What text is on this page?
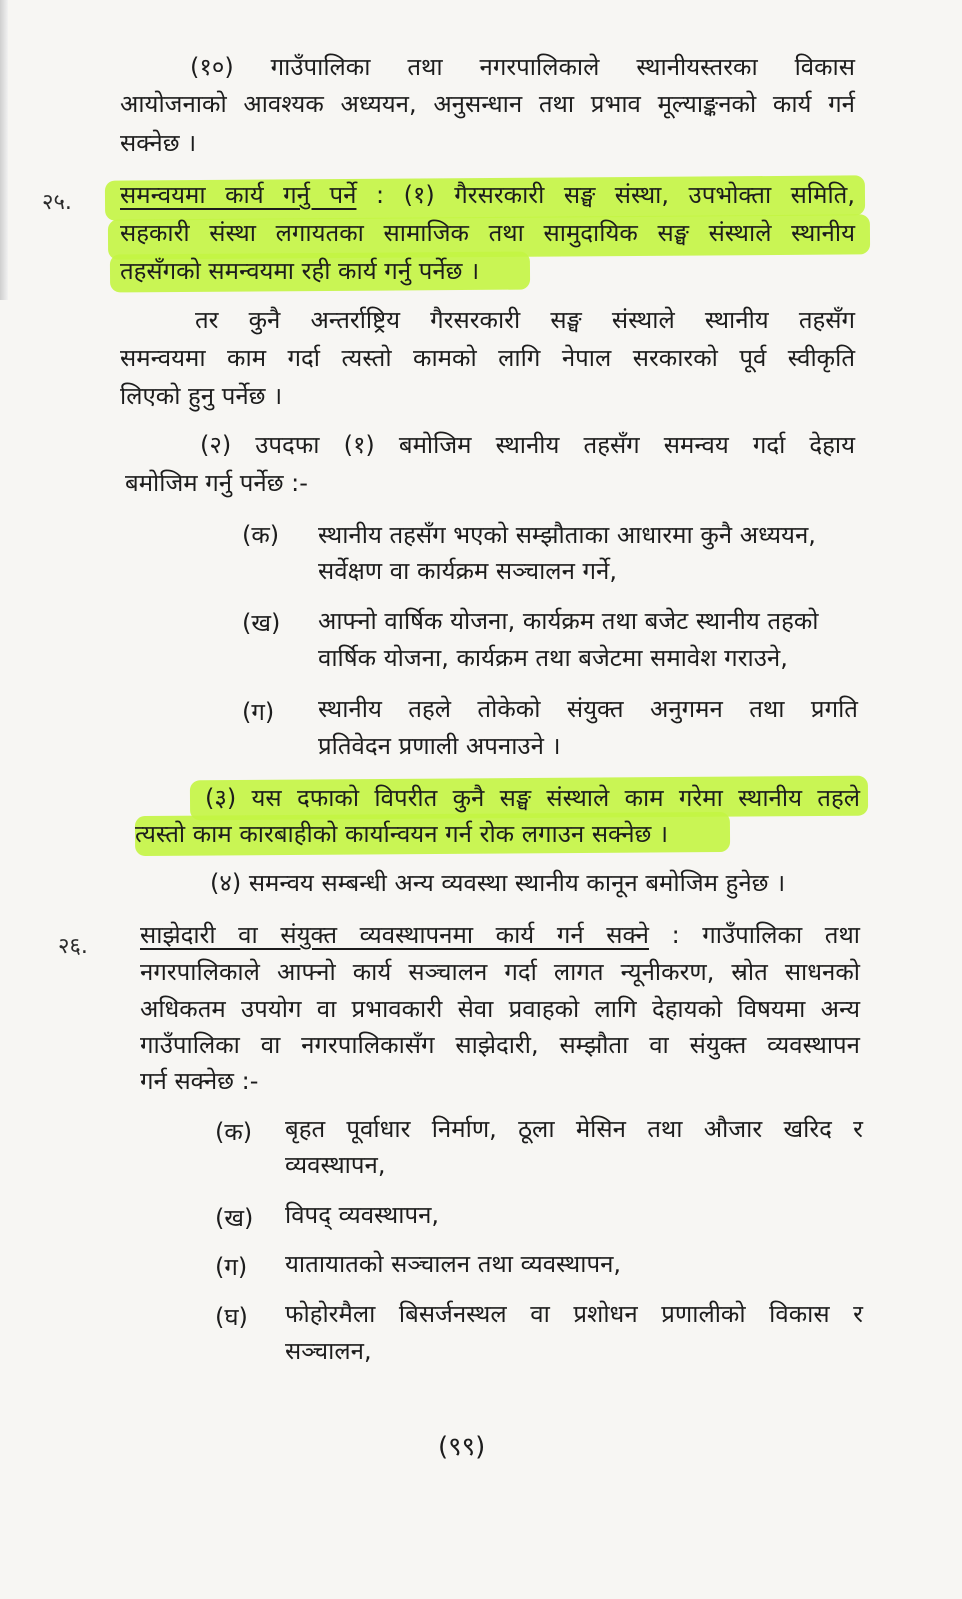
(१०) गाउँपालिका तथा नगरपालिकाले स्थानीयस्तरका विकास
आयोजनाको आवश्यक अध्ययन, अनुसन्धान तथा प्रभाव मूल्याङ्कनको कार्य गर्न
सक्नेछ ।
२५. समन्वयमा कार्य गर्नु पर्ने : (१) गैरसरकारी सङ्घ संस्था, उपभोक्ता समिति,
सहकारी संस्था लगायतका सामाजिक तथा सामुदायिक सङ्घ संस्थाले स्थानीय
तहसँगको समन्वयमा रही कार्य गर्नु पर्नेछ ।
तर कुनै अन्तर्राष्ट्रिय गैरसरकारी सङ्घ संस्थाले स्थानीय तहसँग
समन्वयमा काम गर्दा त्यस्तो कामको लागि नेपाल सरकारको पूर्व स्वीकृति
लिएको हुनु पर्नेछ ।
(२) उपदफा (१) बमोजिम स्थानीय तहसँग समन्वय गर्दा देहाय
बमोजिम गर्नु पर्नेछ :-
(क) स्थानीय तहसँग भएको सम्झौताका आधारमा कुनै अध्ययन,
सर्वेक्षण वा कार्यक्रम सञ्चालन गर्ने,
(ख) आफ्नो वार्षिक योजना, कार्यक्रम तथा बजेट स्थानीय तहको
वार्षिक योजना, कार्यक्रम तथा बजेटमा समावेश गराउने,
(ग) स्थानीय तहले तोकेको संयुक्त अनुगमन तथा प्रगति
प्रतिवेदन प्रणाली अपनाउने ।
(३) यस दफाको विपरीत कुनै सङ्घ संस्थाले काम गरेमा स्थानीय तहले
त्यस्तो काम कारबाहीको कार्यान्वयन गर्न रोक लगाउन सक्नेछ ।
(४) समन्वय सम्बन्धी अन्य व्यवस्था स्थानीय कानून बमोजिम हुनेछ ।
२६. साझेदारी वा संयुक्त व्यवस्थापनमा कार्य गर्न सक्ने : गाउँपालिका तथा
नगरपालिकाले आफ्नो कार्य सञ्चालन गर्दा लागत न्यूनीकरण, स्रोत साधनको
अधिकतम उपयोग वा प्रभावकारी सेवा प्रवाहको लागि देहायको विषयमा अन्य
गाउँपालिका वा नगरपालिकासँग साझेदारी, सम्झौता वा संयुक्त व्यवस्थापन
गर्न सक्नेछ :-
(क) बृहत पूर्वाधार निर्माण, ठूला मेसिन तथा औजार खरिद र
व्यवस्थापन,
(ख) विपद् व्यवस्थापन,
(ग) यातायातको सञ्चालन तथा व्यवस्थापन,
(घ) फोहोरमैला बिसर्जनस्थल वा प्रशोधन प्रणालीको विकास र
सञ्चालन,
(९९)
